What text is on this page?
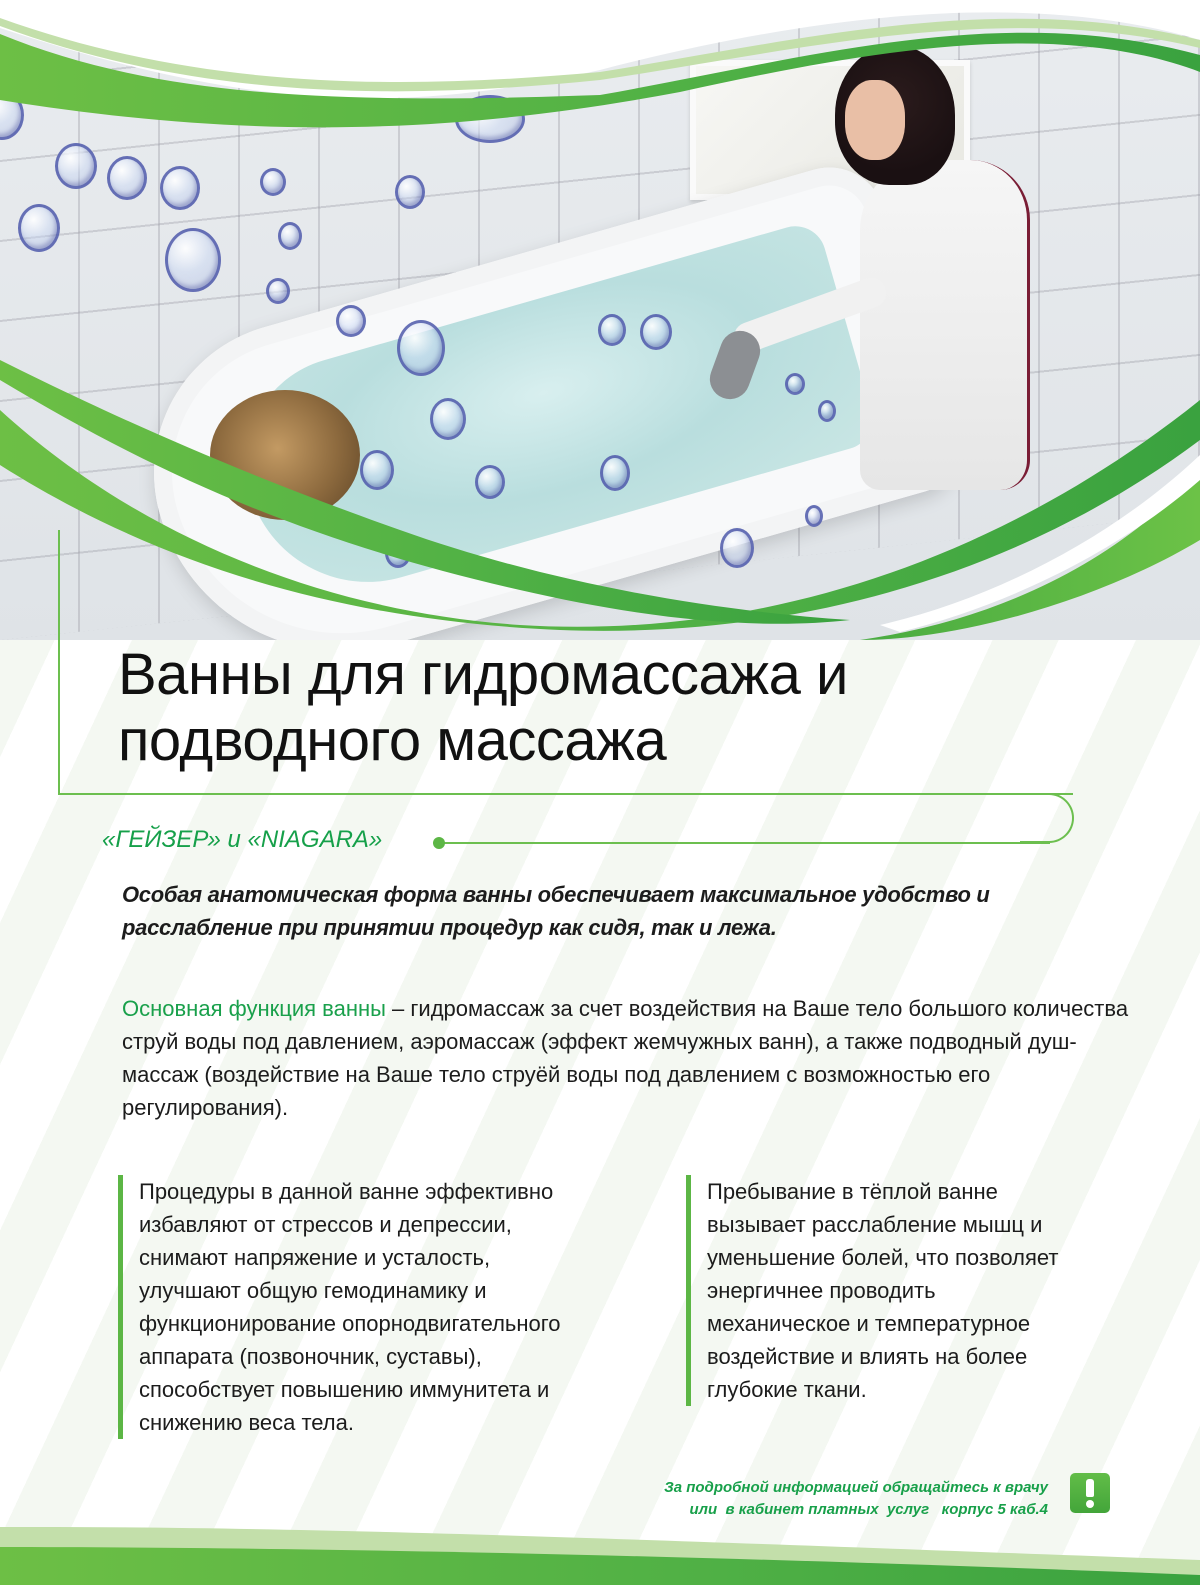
Ванны для гидромассажа и
подводного массажа
«ГЕЙЗЕР» и «NIAGARA»

Особая анатомическая форма ванны обеспечивает максимальное удобство и
расслабление при принятии процедур как сидя, так и лежа.

Основная функция ванны – гидромассаж за счет воздействия на Ваше тело большого количества струй воды под давлением, аэромассаж (эффект жемчужных ванн), а также подводный душ-массаж (воздействие на Ваше тело струёй воды под давлением с возможностью его регулирования).

Процедуры в данной ванне эффективно
избавляют от стрессов и депрессии,
снимают напряжение и усталость,
улучшают общую гемодинамику и
функционирование опорнодвигательного
аппарата (позвоночник, суставы),
способствует повышению иммунитета и
снижению веса тела.
Пребывание в тёплой ванне
вызывает расслабление мышц и
уменьшение болей, что позволяет
энергичнее проводить
механическое и температурное
воздействие и влиять на более
глубокие ткани.
За подробной информацией обращайтесь к врачу
или  в кабинет платных  услуг   корпус 5 каб.4
